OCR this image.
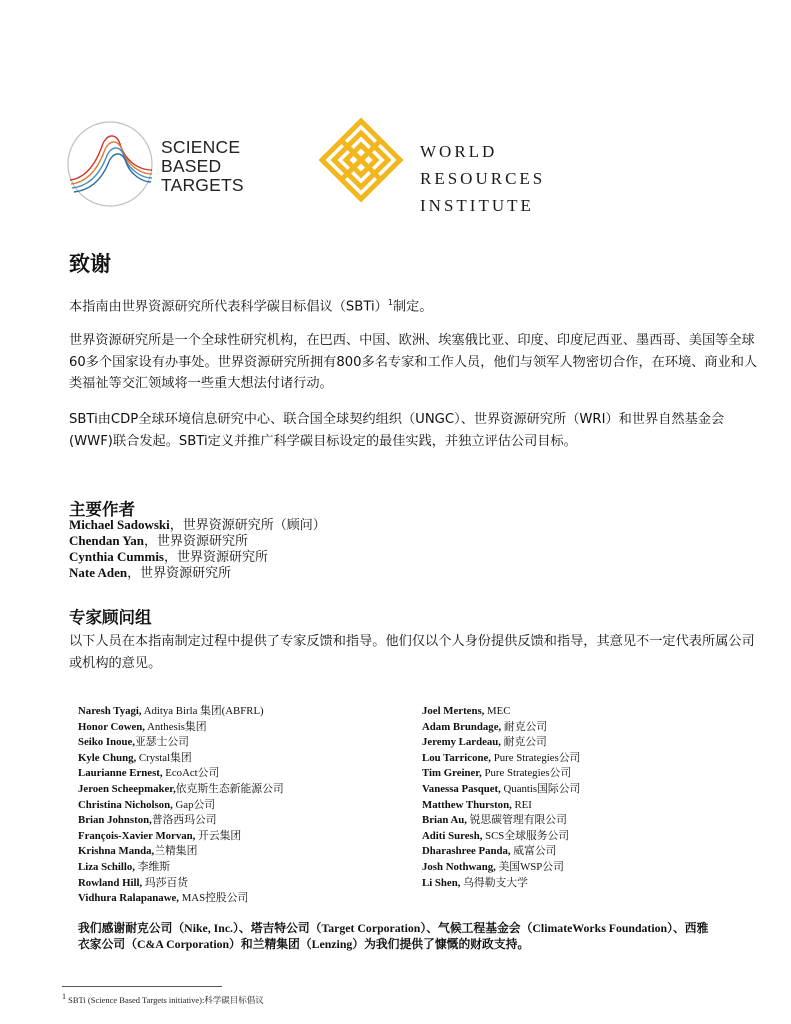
SCIENCE
BASED
TARGETS
WORLD
RESOURCES
INSTITUTE
致谢

本指南由世界资源研究所代表科学碳目标倡议（SBTi）$^1$制定。

世界资源研究所是一个全球性研究机构，在巴西、中国、欧洲、埃塞俄比亚、印度、印度尼西亚、墨西哥、美国等全球60多个国家设有办事处。世界资源研究所拥有800多名专家和工作人员，他们与领军人物密切合作，在环境、商业和人类福祉等交汇领域将一些重大想法付诸行动。

SBTi由CDP全球环境信息研究中心、联合国全球契约组织（UNGC）、世界资源研究所（WRI）和世界自然基金会(WWF)联合发起。SBTi定义并推广科学碳目标设定的最佳实践，并独立评估公司目标。

主要作者
Michael Sadowski，世界资源研究所（顾问）
Chendan Yan，世界资源研究所
Cynthia Cummis，世界资源研究所
Nate Aden，世界资源研究所
专家顾问组

以下人员在本指南制定过程中提供了专家反馈和指导。他们仅以个人身份提供反馈和指导，其意见不一定代表所属公司或机构的意见。

Naresh Tyagi, Aditya Birla 集团(ABFRL)
Honor Cowen, Anthesis集团
Seiko Inoue,亚瑟士公司
Kyle Chung, Crystal集团
Laurianne Ernest, EcoAct公司
Jeroen Scheepmaker,依克斯生态新能源公司
Christina Nicholson, Gap公司
Brian Johnston,普洛西玛公司
François-Xavier Morvan, 开云集团
Krishna Manda,兰精集团
Liza Schillo, 李维斯
Rowland Hill, 玛莎百货
Vidhura Ralapanawe, MAS控股公司
Joel Mertens, MEC
Adam Brundage, 耐克公司
Jeremy Lardeau, 耐克公司
Lou Tarricone, Pure Strategies公司
Tim Greiner, Pure Strategies公司
Vanessa Pasquet, Quantis国际公司
Matthew Thurston, REI
Brian Au, 锐思碳管理有限公司
Aditi Suresh, SCS全球服务公司
Dharashree Panda, 威富公司
Josh Nothwang, 美国WSP公司
Li Shen, 乌得勒支大学

我们感谢耐克公司（Nike, Inc.）、塔吉特公司（Target Corporation）、气候工程基金会（ClimateWorks Foundation）、西雅衣家公司（C&A Corporation）和兰精集团（Lenzing）为我们提供了慷慨的财政支持。

$^1$ SBTi (Science Based Targets initiative):科学碳目标倡议
